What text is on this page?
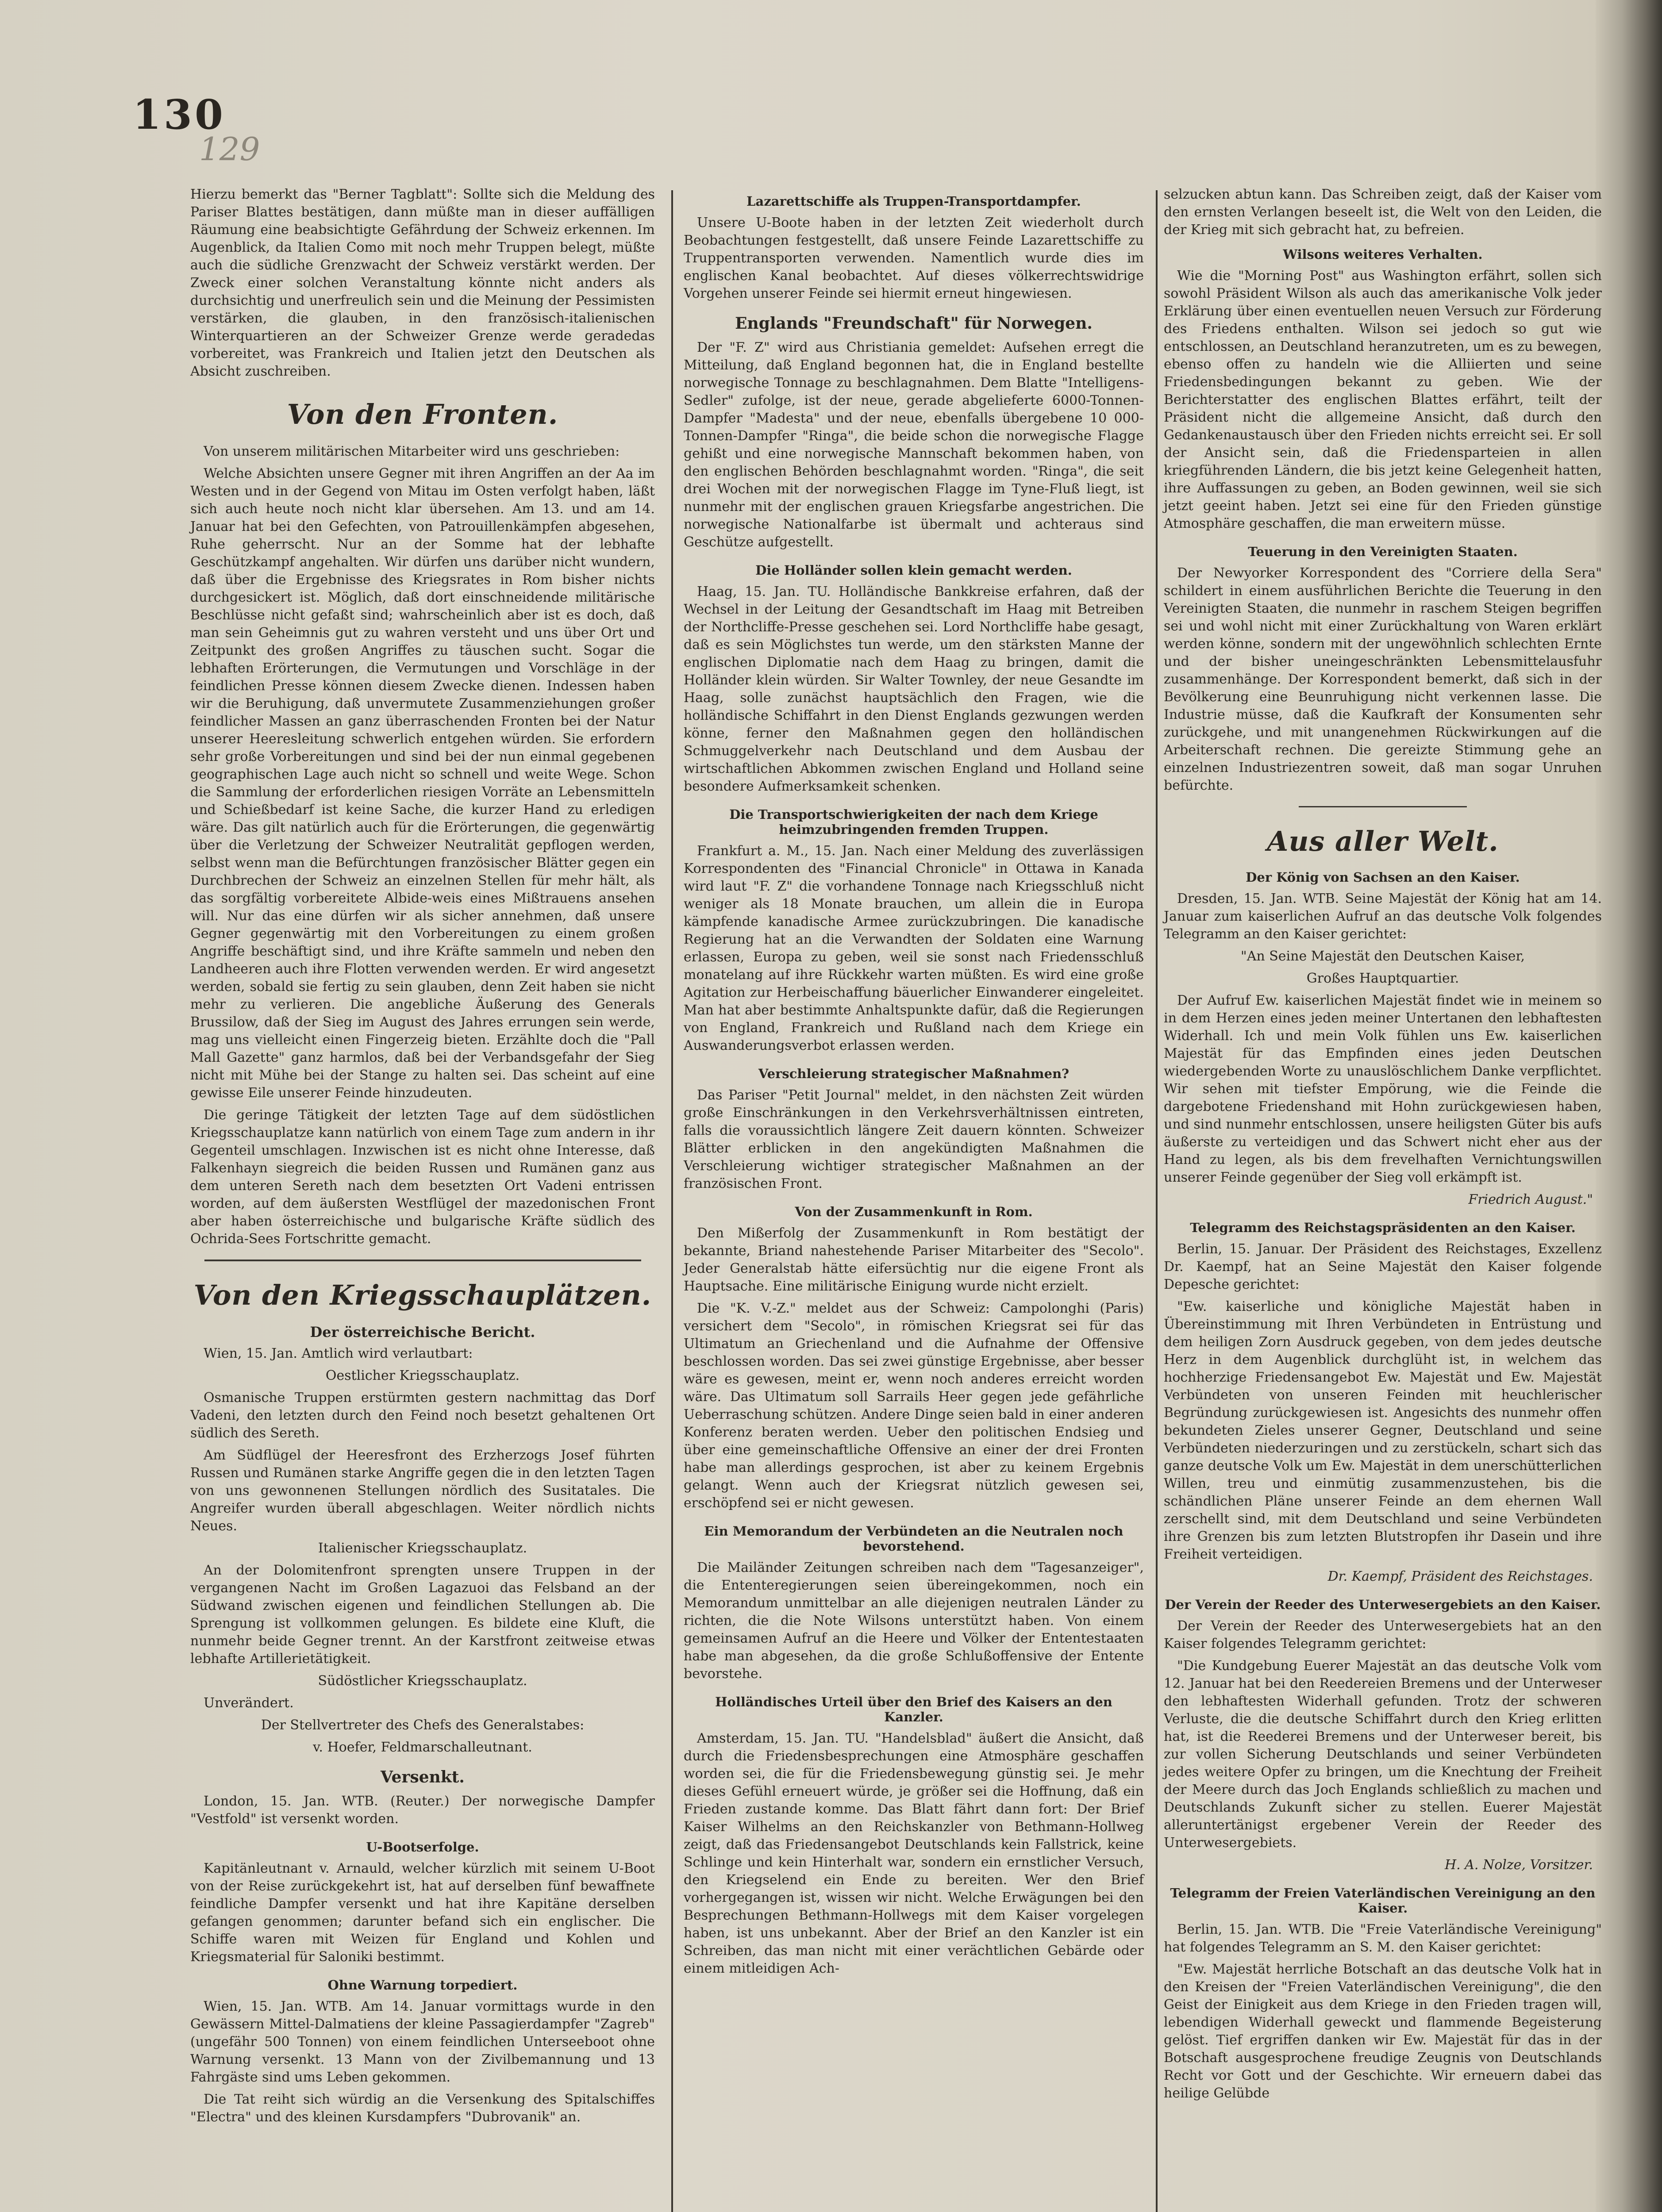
130
129

Hierzu bemerkt das "Berner Tagblatt": Sollte sich die Meldung des Pariser Blattes bestätigen, dann müßte man in dieser auffälligen Räumung eine beabsichtigte Gefährdung der Schweiz erkennen. Im Augenblick, da Italien Como mit noch mehr Truppen belegt, müßte auch die südliche Grenzwacht der Schweiz verstärkt werden. Der Zweck einer solchen Veranstaltung könnte nicht anders als durchsichtig und unerfreulich sein und die Meinung der Pessimisten verstärken, die glauben, in den französisch-italienischen Winterquartieren an der Schweizer Grenze werde geradedas vorbereitet, was Frankreich und Italien jetzt den Deutschen als Absicht zuschreiben.

Von den Fronten.

Von unserem militärischen Mitarbeiter wird uns geschrieben:

Welche Absichten unsere Gegner mit ihren Angriffen an der Aa im Westen und in der Gegend von Mitau im Osten verfolgt haben, läßt sich auch heute noch nicht klar übersehen. Am 13. und am 14. Januar hat bei den Gefechten, von Patrouillenkämpfen abgesehen, Ruhe geherrscht. Nur an der Somme hat der lebhafte Geschützkampf angehalten. Wir dürfen uns darüber nicht wundern, daß über die Ergebnisse des Kriegsrates in Rom bisher nichts durchgesickert ist. Möglich, daß dort einschneidende militärische Beschlüsse nicht gefaßt sind; wahrscheinlich aber ist es doch, daß man sein Geheimnis gut zu wahren versteht und uns über Ort und Zeitpunkt des großen Angriffes zu täuschen sucht. Sogar die lebhaften Erörterungen, die Vermutungen und Vorschläge in der feindlichen Presse können diesem Zwecke dienen. Indessen haben wir die Beruhigung, daß unvermutete Zusammenziehungen großer feindlicher Massen an ganz überraschenden Fronten bei der Natur unserer Heeresleitung schwerlich entgehen würden. Sie erfordern sehr große Vorbereitungen und sind bei der nun einmal gegebenen geographischen Lage auch nicht so schnell und weite Wege. Schon die Sammlung der erforderlichen riesigen Vorräte an Lebensmitteln und Schießbedarf ist keine Sache, die kurzer Hand zu erledigen wäre. Das gilt natürlich auch für die Erörterungen, die gegenwärtig über die Verletzung der Schweizer Neutralität gepflogen werden, selbst wenn man die Befürchtungen französischer Blätter gegen ein Durchbrechen der Schweiz an einzelnen Stellen für mehr hält, als das sorgfältig vorbereitete Albide-weis eines Mißtrauens ansehen will. Nur das eine dürfen wir als sicher annehmen, daß unsere Gegner gegenwärtig mit den Vorbereitungen zu einem großen Angriffe beschäftigt sind, und ihre Kräfte sammeln und neben den Landheeren auch ihre Flotten verwenden werden. Er wird angesetzt werden, sobald sie fertig zu sein glauben, denn Zeit haben sie nicht mehr zu verlieren. Die angebliche Äußerung des Generals Brussilow, daß der Sieg im August des Jahres errungen sein werde, mag uns vielleicht einen Fingerzeig bieten. Erzählte doch die "Pall Mall Gazette" ganz harmlos, daß bei der Verbandsgefahr der Sieg nicht mit Mühe bei der Stange zu halten sei. Das scheint auf eine gewisse Eile unserer Feinde hinzudeuten.

Die geringe Tätigkeit der letzten Tage auf dem südöstlichen Kriegsschauplatze kann natürlich von einem Tage zum andern in ihr Gegenteil umschlagen. Inzwischen ist es nicht ohne Interesse, daß Falkenhayn siegreich die beiden Russen und Rumänen ganz aus dem unteren Sereth nach dem besetzten Ort Vadeni entrissen worden, auf dem äußersten Westflügel der mazedonischen Front aber haben österreichische und bulgarische Kräfte südlich des Ochrida-Sees Fortschritte gemacht.

Von den Kriegsschauplätzen.
Der österreichische Bericht.

Wien, 15. Jan. Amtlich wird verlautbart:

Oestlicher Kriegsschauplatz.

Osmanische Truppen erstürmten gestern nachmittag das Dorf Vadeni, den letzten durch den Feind noch besetzt gehaltenen Ort südlich des Sereth.

Am Südflügel der Heeresfront des Erzherzogs Josef führten Russen und Rumänen starke Angriffe gegen die in den letzten Tagen von uns gewonnenen Stellungen nördlich des Susitatales. Die Angreifer wurden überall abgeschlagen. Weiter nördlich nichts Neues.

Italienischer Kriegsschauplatz.

An der Dolomitenfront sprengten unsere Truppen in der vergangenen Nacht im Großen Lagazuoi das Felsband an der Südwand zwischen eigenen und feindlichen Stellungen ab. Die Sprengung ist vollkommen gelungen. Es bildete eine Kluft, die nunmehr beide Gegner trennt. An der Karstfront zeitweise etwas lebhafte Artillerietätigkeit.

Südöstlicher Kriegsschauplatz.

Unverändert.

Der Stellvertreter des Chefs des Generalstabes:
v. Hoefer, Feldmarschalleutnant.
Versenkt.

London, 15. Jan. WTB. (Reuter.) Der norwegische Dampfer "Vestfold" ist versenkt worden.

U-Bootserfolge.

Kapitänleutnant v. Arnauld, welcher kürzlich mit seinem U-Boot von der Reise zurückgekehrt ist, hat auf derselben fünf bewaffnete feindliche Dampfer versenkt und hat ihre Kapitäne derselben gefangen genommen; darunter befand sich ein englischer. Die Schiffe waren mit Weizen für England und Kohlen und Kriegsmaterial für Saloniki bestimmt.

Ohne Warnung torpediert.

Wien, 15. Jan. WTB. Am 14. Januar vormittags wurde in den Gewässern Mittel-Dalmatiens der kleine Passagierdampfer "Zagreb" (ungefähr 500 Tonnen) von einem feindlichen Unterseeboot ohne Warnung versenkt. 13 Mann von der Zivilbemannung und 13 Fahrgäste sind ums Leben gekommen.

Die Tat reiht sich würdig an die Versenkung des Spitalschiffes "Electra" und des kleinen Kursdampfers "Dubrovanik" an.

Lazarettschiffe als Truppen-Transportdampfer.

Unsere U-Boote haben in der letzten Zeit wiederholt durch Beobachtungen festgestellt, daß unsere Feinde Lazarettschiffe zu Truppentransporten verwenden. Namentlich wurde dies im englischen Kanal beobachtet. Auf dieses völkerrechtswidrige Vorgehen unserer Feinde sei hiermit erneut hingewiesen.

Englands "Freundschaft" für Norwegen.

Der "F. Z" wird aus Christiania gemeldet: Aufsehen erregt die Mitteilung, daß England begonnen hat, die in England bestellte norwegische Tonnage zu beschlagnahmen. Dem Blatte "Intelligens-Sedler" zufolge, ist der neue, gerade abgelieferte 6000-Tonnen-Dampfer "Madesta" und der neue, ebenfalls übergebene 10 000-Tonnen-Dampfer "Ringa", die beide schon die norwegische Flagge gehißt und eine norwegische Mannschaft bekommen haben, von den englischen Behörden beschlagnahmt worden. "Ringa", die seit drei Wochen mit der norwegischen Flagge im Tyne-Fluß liegt, ist nunmehr mit der englischen grauen Kriegsfarbe angestrichen. Die norwegische Nationalfarbe ist übermalt und achteraus sind Geschütze aufgestellt.

Die Holländer sollen klein gemacht werden.

Haag, 15. Jan. TU. Holländische Bankkreise erfahren, daß der Wechsel in der Leitung der Gesandtschaft im Haag mit Betreiben der Northcliffe-Presse geschehen sei. Lord Northcliffe habe gesagt, daß es sein Möglichstes tun werde, um den stärksten Manne der englischen Diplomatie nach dem Haag zu bringen, damit die Holländer klein würden. Sir Walter Townley, der neue Gesandte im Haag, solle zunächst hauptsächlich den Fragen, wie die holländische Schiffahrt in den Dienst Englands gezwungen werden könne, ferner den Maßnahmen gegen den holländischen Schmuggelverkehr nach Deutschland und dem Ausbau der wirtschaftlichen Abkommen zwischen England und Holland seine besondere Aufmerksamkeit schenken.

Die Transportschwierigkeiten der nach dem Kriege heimzubringenden fremden Truppen.

Frankfurt a. M., 15. Jan. Nach einer Meldung des zuverlässigen Korrespondenten des "Financial Chronicle" in Ottawa in Kanada wird laut "F. Z" die vorhandene Tonnage nach Kriegsschluß nicht weniger als 18 Monate brauchen, um allein die in Europa kämpfende kanadische Armee zurückzubringen. Die kanadische Regierung hat an die Verwandten der Soldaten eine Warnung erlassen, Europa zu geben, weil sie sonst nach Friedensschluß monatelang auf ihre Rückkehr warten müßten. Es wird eine große Agitation zur Herbeischaffung bäuerlicher Einwanderer eingeleitet. Man hat aber bestimmte Anhaltspunkte dafür, daß die Regierungen von England, Frankreich und Rußland nach dem Kriege ein Auswanderungsverbot erlassen werden.

Verschleierung strategischer Maßnahmen?

Das Pariser "Petit Journal" meldet, in den nächsten Zeit würden große Einschränkungen in den Verkehrsverhältnissen eintreten, falls die voraussichtlich längere Zeit dauern könnten. Schweizer Blätter erblicken in den angekündigten Maßnahmen die Verschleierung wichtiger strategischer Maßnahmen an der französischen Front.

Von der Zusammenkunft in Rom.

Den Mißerfolg der Zusammenkunft in Rom bestätigt der bekannte, Briand nahestehende Pariser Mitarbeiter des "Secolo". Jeder Generalstab hätte eifersüchtig nur die eigene Front als Hauptsache. Eine militärische Einigung wurde nicht erzielt.

Die "K. V.-Z." meldet aus der Schweiz: Campolonghi (Paris) versichert dem "Secolo", in römischen Kriegsrat sei für das Ultimatum an Griechenland und die Aufnahme der Offensive beschlossen worden. Das sei zwei günstige Ergebnisse, aber besser wäre es gewesen, meint er, wenn noch anderes erreicht worden wäre. Das Ultimatum soll Sarrails Heer gegen jede gefährliche Ueberraschung schützen. Andere Dinge seien bald in einer anderen Konferenz beraten werden. Ueber den politischen Endsieg und über eine gemeinschaftliche Offensive an einer der drei Fronten habe man allerdings gesprochen, ist aber zu keinem Ergebnis gelangt. Wenn auch der Kriegsrat nützlich gewesen sei, erschöpfend sei er nicht gewesen.

Ein Memorandum der Verbündeten an die Neutralen noch bevorstehend.

Die Mailänder Zeitungen schreiben nach dem "Tagesanzeiger", die Ententeregierungen seien übereingekommen, noch ein Memorandum unmittelbar an alle diejenigen neutralen Länder zu richten, die die Note Wilsons unterstützt haben. Von einem gemeinsamen Aufruf an die Heere und Völker der Ententestaaten habe man abgesehen, da die große Schlußoffensive der Entente bevorstehe.

Holländisches Urteil über den Brief des Kaisers an den Kanzler.

Amsterdam, 15. Jan. TU. "Handelsblad" äußert die Ansicht, daß durch die Friedensbesprechungen eine Atmosphäre geschaffen worden sei, die für die Friedensbewegung günstig sei. Je mehr dieses Gefühl erneuert würde, je größer sei die Hoffnung, daß ein Frieden zustande komme. Das Blatt fährt dann fort: Der Brief Kaiser Wilhelms an den Reichskanzler von Bethmann-Hollweg zeigt, daß das Friedensangebot Deutschlands kein Fallstrick, keine Schlinge und kein Hinterhalt war, sondern ein ernstlicher Versuch, den Kriegselend ein Ende zu bereiten. Wer den Brief vorhergegangen ist, wissen wir nicht. Welche Erwägungen bei den Besprechungen Bethmann-Hollwegs mit dem Kaiser vorgelegen haben, ist uns unbekannt. Aber der Brief an den Kanzler ist ein Schreiben, das man nicht mit einer verächtlichen Gebärde oder einem mitleidigen Ach-

selzucken abtun kann. Das Schreiben zeigt, daß der Kaiser vom den ernsten Verlangen beseelt ist, die Welt von den Leiden, die der Krieg mit sich gebracht hat, zu befreien.

Wilsons weiteres Verhalten.

Wie die "Morning Post" aus Washington erfährt, sollen sich sowohl Präsident Wilson als auch das amerikanische Volk jeder Erklärung über einen eventuellen neuen Versuch zur Förderung des Friedens enthalten. Wilson sei jedoch so gut wie entschlossen, an Deutschland heranzutreten, um es zu bewegen, ebenso offen zu handeln wie die Alliierten und seine Friedensbedingungen bekannt zu geben. Wie der Berichterstatter des englischen Blattes erfährt, teilt der Präsident nicht die allgemeine Ansicht, daß durch den Gedankenaustausch über den Frieden nichts erreicht sei. Er soll der Ansicht sein, daß die Friedensparteien in allen kriegführenden Ländern, die bis jetzt keine Gelegenheit hatten, ihre Auffassungen zu geben, an Boden gewinnen, weil sie sich jetzt geeint haben. Jetzt sei eine für den Frieden günstige Atmosphäre geschaffen, die man erweitern müsse.

Teuerung in den Vereinigten Staaten.

Der Newyorker Korrespondent des "Corriere della Sera" schildert in einem ausführlichen Berichte die Teuerung in den Vereinigten Staaten, die nunmehr in raschem Steigen begriffen sei und wohl nicht mit einer Zurückhaltung von Waren erklärt werden könne, sondern mit der ungewöhnlich schlechten Ernte und der bisher uneingeschränkten Lebensmittelausfuhr zusammenhänge. Der Korrespondent bemerkt, daß sich in der Bevölkerung eine Beunruhigung nicht verkennen lasse. Die Industrie müsse, daß die Kaufkraft der Konsumenten sehr zurückgehe, und mit unangenehmen Rückwirkungen auf die Arbeiterschaft rechnen. Die gereizte Stimmung gehe an einzelnen Industriezentren soweit, daß man sogar Unruhen befürchte.

Aus aller Welt.
Der König von Sachsen an den Kaiser.

Dresden, 15. Jan. WTB. Seine Majestät der König hat am 14. Januar zum kaiserlichen Aufruf an das deutsche Volk folgendes Telegramm an den Kaiser gerichtet:

"An Seine Majestät den Deutschen Kaiser,
Großes Hauptquartier.

Der Aufruf Ew. kaiserlichen Majestät findet wie in meinem so in dem Herzen eines jeden meiner Untertanen den lebhaftesten Widerhall. Ich und mein Volk fühlen uns Ew. kaiserlichen Majestät für das Empfinden eines jeden Deutschen wiedergebenden Worte zu unauslöschlichem Danke verpflichtet. Wir sehen mit tiefster Empörung, wie die Feinde die dargebotene Friedenshand mit Hohn zurückgewiesen haben, und sind nunmehr entschlossen, unsere heiligsten Güter bis aufs äußerste zu verteidigen und das Schwert nicht eher aus der Hand zu legen, als bis dem frevelhaften Vernichtungswillen unserer Feinde gegenüber der Sieg voll erkämpft ist.

Friedrich August."
Telegramm des Reichstagspräsidenten an den Kaiser.

Berlin, 15. Januar. Der Präsident des Reichstages, Exzellenz Dr. Kaempf, hat an Seine Majestät den Kaiser folgende Depesche gerichtet:

"Ew. kaiserliche und königliche Majestät haben in Übereinstimmung mit Ihren Verbündeten in Entrüstung und dem heiligen Zorn Ausdruck gegeben, von dem jedes deutsche Herz in dem Augenblick durchglüht ist, in welchem das hochherzige Friedensangebot Ew. Majestät und Ew. Majestät Verbündeten von unseren Feinden mit heuchlerischer Begründung zurückgewiesen ist. Angesichts des nunmehr offen bekundeten Zieles unserer Gegner, Deutschland und seine Verbündeten niederzuringen und zu zerstückeln, schart sich das ganze deutsche Volk um Ew. Majestät in dem unerschütterlichen Willen, treu und einmütig zusammenzustehen, bis die schändlichen Pläne unserer Feinde an dem ehernen Wall zerschellt sind, mit dem Deutschland und seine Verbündeten ihre Grenzen bis zum letzten Blutstropfen ihr Dasein und ihre Freiheit verteidigen.

Dr. Kaempf, Präsident des Reichstages.
Der Verein der Reeder des Unterwesergebiets an den Kaiser.

Der Verein der Reeder des Unterwesergebiets hat an den Kaiser folgendes Telegramm gerichtet:

"Die Kundgebung Euerer Majestät an das deutsche Volk vom 12. Januar hat bei den Reedereien Bremens und der Unterweser den lebhaftesten Widerhall gefunden. Trotz der schweren Verluste, die die deutsche Schiffahrt durch den Krieg erlitten hat, ist die Reederei Bremens und der Unterweser bereit, bis zur vollen Sicherung Deutschlands und seiner Verbündeten jedes weitere Opfer zu bringen, um die Knechtung der Freiheit der Meere durch das Joch Englands schließlich zu machen und Deutschlands Zukunft sicher zu stellen. Euerer Majestät alleruntertänigst ergebener Verein der Reeder des Unterwesergebiets.

H. A. Nolze, Vorsitzer.
Telegramm der Freien Vaterländischen Vereinigung an den Kaiser.

Berlin, 15. Jan. WTB. Die "Freie Vaterländische Vereinigung" hat folgendes Telegramm an S. M. den Kaiser gerichtet:

"Ew. Majestät herrliche Botschaft an das deutsche Volk hat in den Kreisen der "Freien Vaterländischen Vereinigung", die den Geist der Einigkeit aus dem Kriege in den Frieden tragen will, lebendigen Widerhall geweckt und flammende Begeisterung gelöst. Tief ergriffen danken wir Ew. Majestät für das in der Botschaft ausgesprochene freudige Zeugnis von Deutschlands Recht vor Gott und der Geschichte. Wir erneuern dabei das heilige Gelübde
